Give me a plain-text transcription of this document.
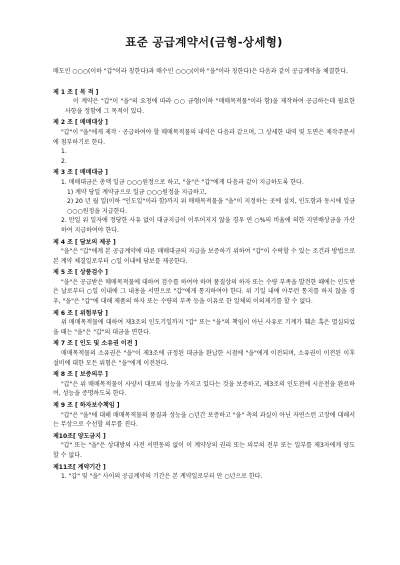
표준 공급계약서(금형-상세형)
매도인 ○○○(이하 "갑"이라 칭한다)과 매수인 ○○○(이하 "을"이라 칭한다)은 다음과 같이 공급계약을 체결한다.
제 1 조 [ 목 적 ]
이 계약은 "갑"이 "을"의 요청에 따라 ○○ 금형(이하 "매매목적물"이라 함)을 제작하여 공급하는데 필요한 사항을 정함에 그 목적이 있다.
제 2 조 [ 매매대상 ]
"갑"이 "을"에게 제작 · 공급하여야 할 매매목적물의 내역은 다음과 같으며, 그 상세한 내역 및 도면은 제작주문서에 첨부하기로 한다.
1.
2.
제 3 조 [ 매매대금 ]
1. 매매대금은 총액 일금 ○○○원정으로 하고, "을"은 "갑"에게 다음과 같이 지급하도록 한다.
1) 계약 당일 계약금으로 일금 ○○○원정을 지급하고,
2) 20 년 월 일(이하 "인도일"이라 함)까지 위 매매목적물을 "을"이 지정하는 곳에 설치, 인도함과 동시에 일금 ○○○원정을 지급한다.
2. 만일 위 일자에 정당한 사유 없이 대금지급이 이루어지지 않을 경우 연 ○%의 비율에 의한 지연배상금을 가산하여 지급하여야 한다.
제 4 조 [ 담보의 제공 ]
"을"은 "갑"에게 본 공급계약에 따른 매매대금의 지급을 보증하기 위하여 "갑"이 수락할 수 있는 조건과 방법으로 본 계약 체결일로부터 ○일 이내에 담보를 제공한다.
제 5 조 [ 상품검수 ]
"을"은 공급받은 매매목적물에 대하여 검수를 하여야 하며 품질상의 하자 또는 수량 부족을 발견한 때에는 인도받은 날로부터 ○일 이내에 그 내용을 서면으로 "갑"에게 통지하여야 한다. 위 기일 내에 아무런 통지를 하지 않을 경우, "을"은 "갑"에 대해 제품의 하자 또는 수량의 부족 등을 이유로 한 일체의 이의제기를 할 수 없다.
제 6 조 [ 위험부담 ]
위 매매목적물에 대하여 제3조의 인도기일까지 "갑" 또는 "을"의 책임이 아닌 사유로 기계가 훼손 혹은 멸실되었을 때는 "을"은 "갑"의 대금을 면한다.
제 7 조 [ 인도 및 소유권 이전 ]
매매목적물의 소유권은 "을"이 제3조에 규정된 대금을 완납한 시점에 "을"에게 이전되며, 소유권이 이전된 이후 설비에 대한 모든 위험은 "을"에게 이전된다.
제 8 조 [ 보증의무 ]
"갑"은 위 매매목적물이 사양서 대로의 성능을 가지고 있다는 것을 보증하고, 제3조의 인도전에 시운전을 완료하여, 성능을 증명하도록 한다.
제 9 조 [ 하자보수책임 ]
"갑"은 "을"에 대해 매매목적물의 품질과 성능을 ○년간 보증하고 "을" 측의 과실이 아닌 자연스런 고장에 대해서는 무상으로 수선할 의무를 진다.
제10조[ 양도금지 ]
"갑" 또는 "을"은 상대방의 사전 서면동의 없이 이 계약상의 권리 또는 의무의 전부 또는 일부를 제3자에게 양도할 수 없다.
제11조[ 계약기간 ]
1. "갑" 및 "을" 사이의 공급계약의 기간은 본 계약일로부터 만 ○년으로 한다.
